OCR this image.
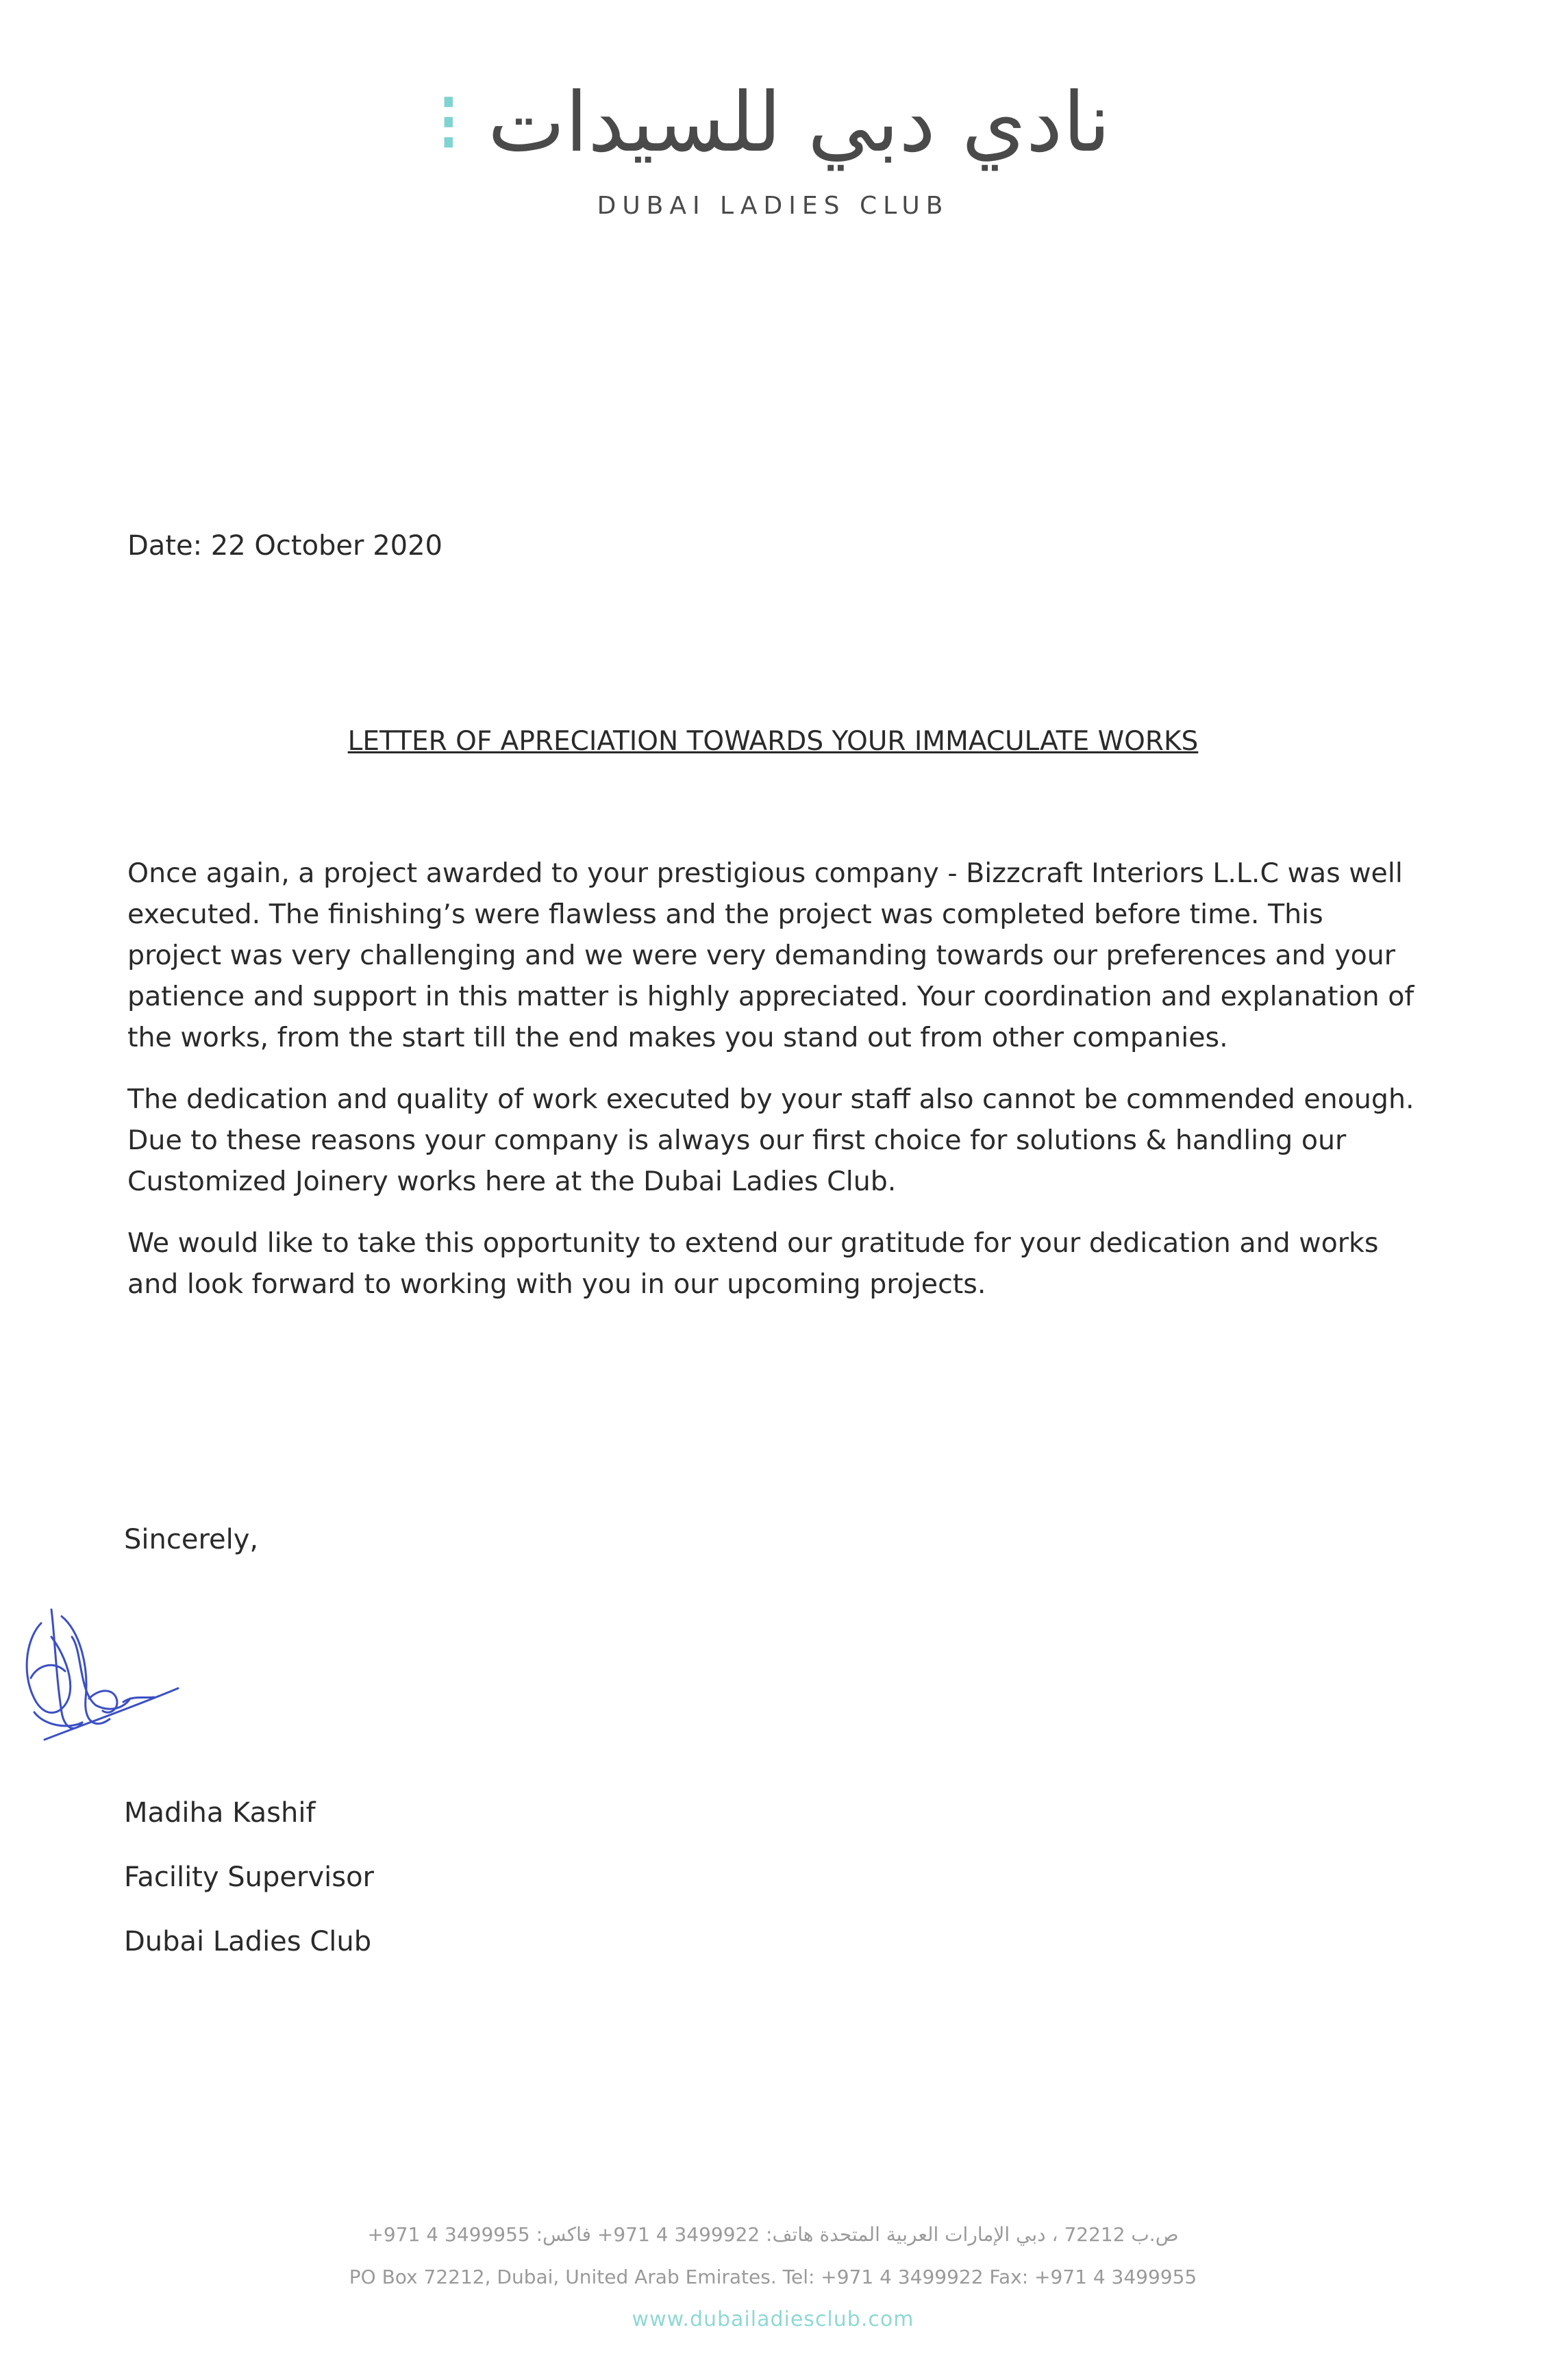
نادي دبي للسيدات ⁝
DUBAI LADIES CLUB
Date: 22 October 2020
LETTER OF APRECIATION TOWARDS YOUR IMMACULATE WORKS

Once again, a project awarded to your prestigious company - Bizzcraft Interiors L.L.C was well executed. The finishing’s were flawless and the project was completed before time. This project was very challenging and we were very demanding towards our preferences and your patience and support in this matter is highly appreciated. Your coordination and explanation of the works, from the start till the end makes you stand out from other companies.

The dedication and quality of work executed by your staff also cannot be commended enough. Due to these reasons your company is always our first choice for solutions & handling our Customized Joinery works here at the Dubai Ladies Club.

We would like to take this opportunity to extend our gratitude for your dedication and works and look forward to working with you in our upcoming projects.

Sincerely,
Madiha Kashif
Facility Supervisor
Dubai Ladies Club
ص.ب 72212 ، دبي الإمارات العربية المتحدة هاتف: 3499922 4 971+ فاكس: 3499955 4 971+
PO Box 72212, Dubai, United Arab Emirates. Tel: +971 4 3499922 Fax: +971 4 3499955
www.dubailadiesclub.com
